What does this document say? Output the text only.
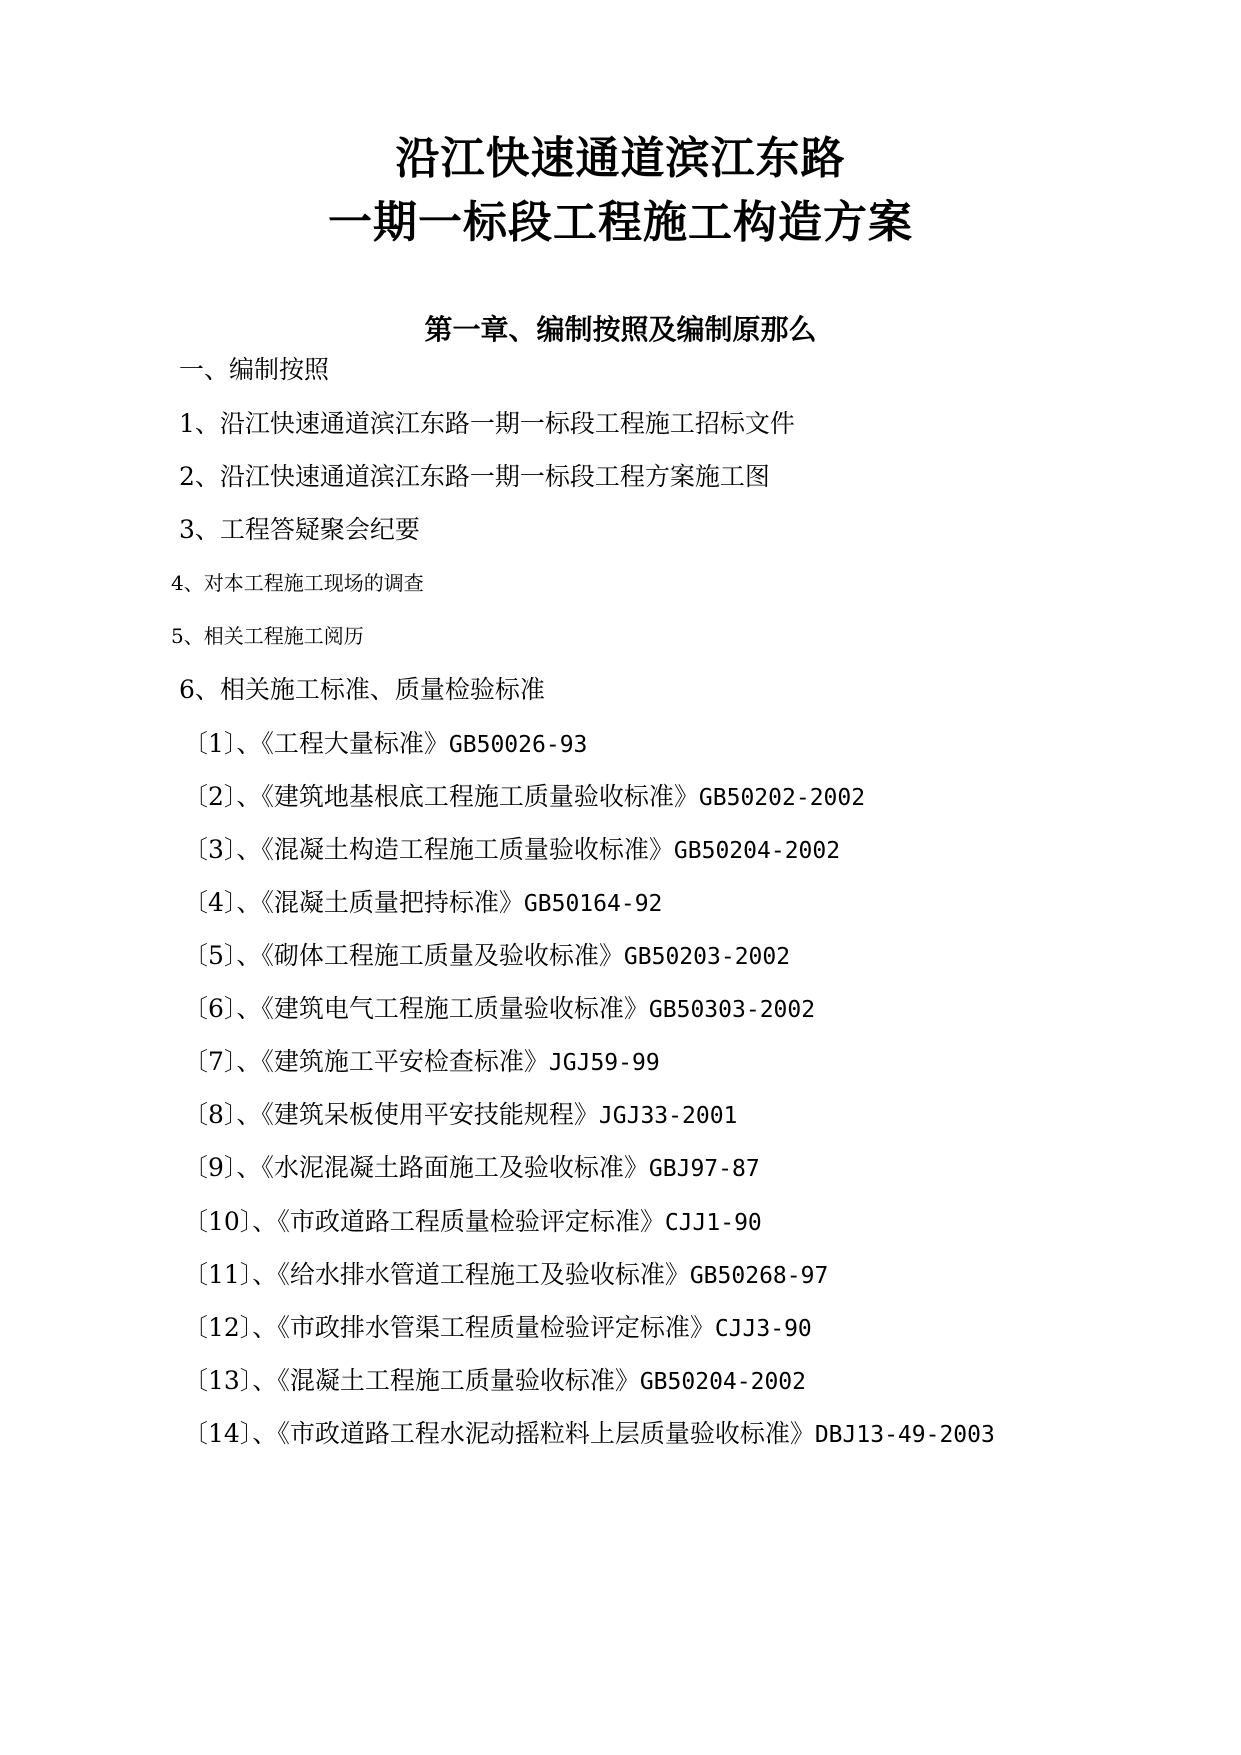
沿江快速通道滨江东路
一期一标段工程施工构造方案
第一章、编制按照及编制原那么
一、编制按照
1、沿江快速通道滨江东路一期一标段工程施工招标文件
2、沿江快速通道滨江东路一期一标段工程方案施工图
3、工程答疑聚会纪要
4、对本工程施工现场的调查
5、相关工程施工阅历
6、相关施工标准、质量检验标准
〔1〕、《工程大量标准》GB50026-93
〔2〕、《建筑地基根底工程施工质量验收标准》GB50202-2002
〔3〕、《混凝土构造工程施工质量验收标准》GB50204-2002
〔4〕、《混凝土质量把持标准》GB50164-92
〔5〕、《砌体工程施工质量及验收标准》GB50203-2002
〔6〕、《建筑电气工程施工质量验收标准》GB50303-2002
〔7〕、《建筑施工平安检查标准》JGJ59-99
〔8〕、《建筑呆板使用平安技能规程》JGJ33-2001
〔9〕、《水泥混凝土路面施工及验收标准》GBJ97-87
〔10〕、《市政道路工程质量检验评定标准》CJJ1-90
〔11〕、《给水排水管道工程施工及验收标准》GB50268-97
〔12〕、《市政排水管渠工程质量检验评定标准》CJJ3-90
〔13〕、《混凝土工程施工质量验收标准》GB50204-2002
〔14〕、《市政道路工程水泥动摇粒料上层质量验收标准》DBJ13-49-2003
